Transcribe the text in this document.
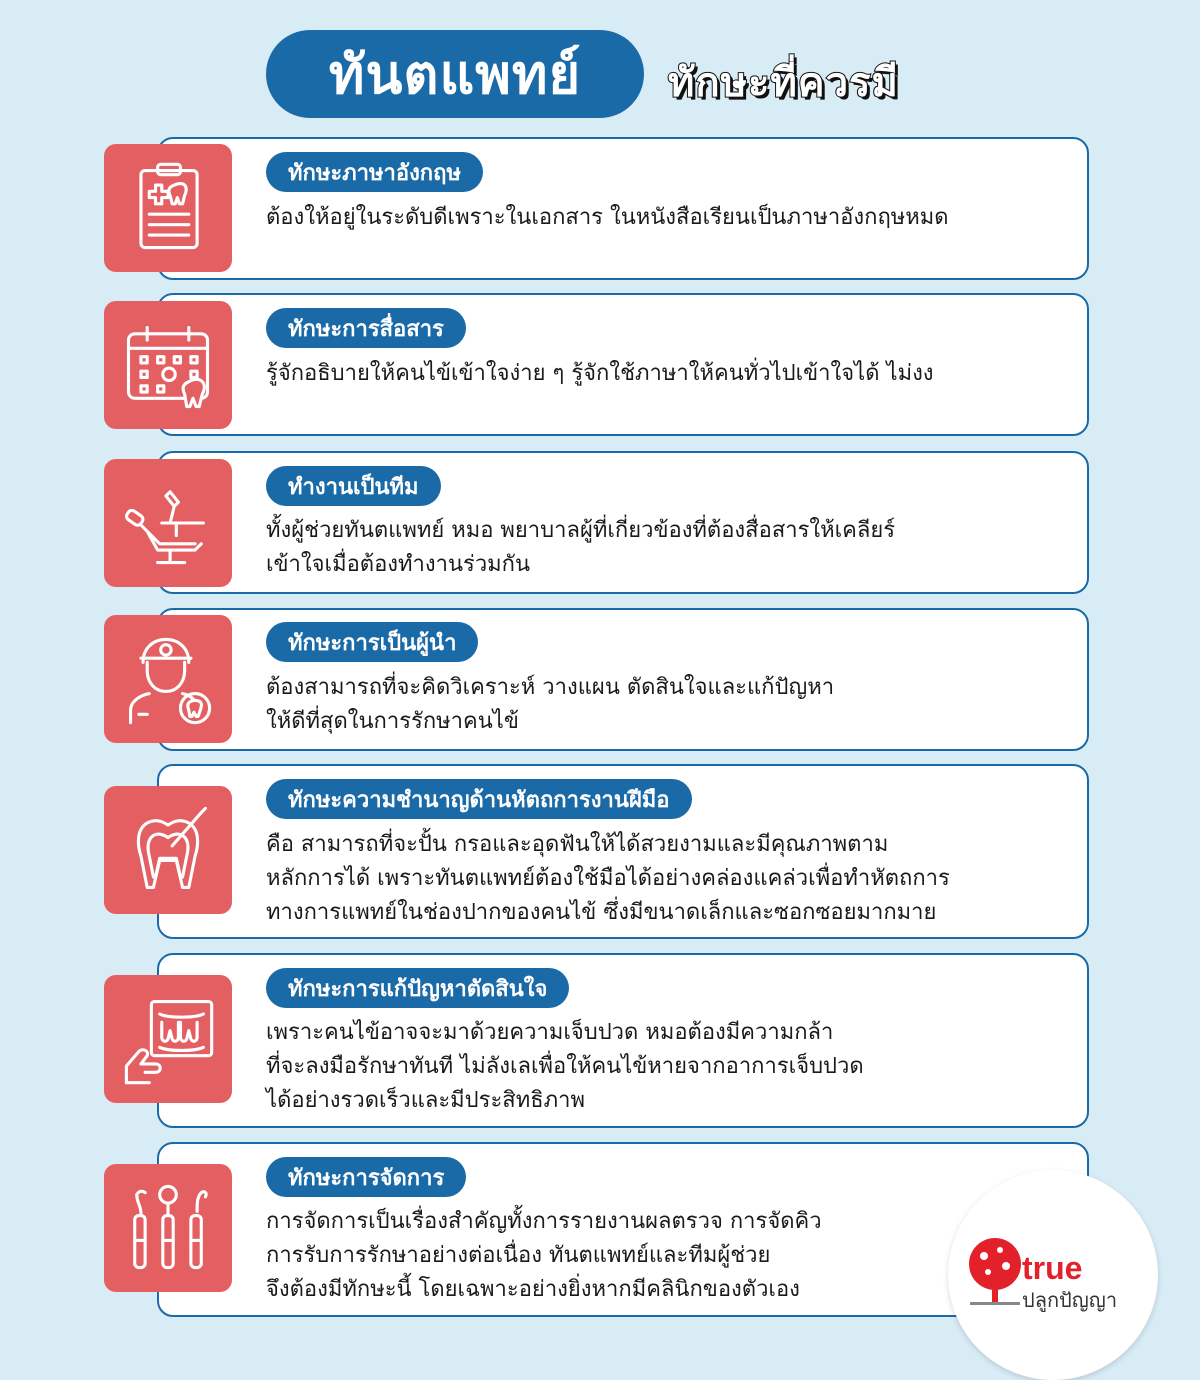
ทันตแพทย์	ทักษะที่ควรมี
ทักษะภาษาอังกฤษ
ต้องให้อยู่ในระดับดีเพราะในเอกสาร ในหนังสือเรียนเป็นภาษาอังกฤษหมด
ทักษะการสื่อสาร
รู้จักอธิบายให้คนไข้เข้าใจง่าย ๆ รู้จักใช้ภาษาให้คนทั่วไปเข้าใจได้ ไม่งง
ทำงานเป็นทีม
ทั้งผู้ช่วยทันตแพทย์ หมอ พยาบาลผู้ที่เกี่ยวข้องที่ต้องสื่อสารให้เคลียร์
เข้าใจเมื่อต้องทำงานร่วมกัน
ทักษะการเป็นผู้นำ
ต้องสามารถที่จะคิดวิเคราะห์ วางแผน ตัดสินใจและแก้ปัญหา
ให้ดีที่สุดในการรักษาคนไข้
ทักษะความชำนาญด้านหัตถการงานฝีมือ
คือ สามารถที่จะปั้น กรอและอุดฟันให้ได้สวยงามและมีคุณภาพตาม
หลักการได้ เพราะทันตแพทย์ต้องใช้มือได้อย่างคล่องแคล่วเพื่อทำหัตถการ
ทางการแพทย์ในช่องปากของคนไข้ ซึ่งมีขนาดเล็กและซอกซอยมากมาย
ทักษะการแก้ปัญหาตัดสินใจ
เพราะคนไข้อาจจะมาด้วยความเจ็บปวด หมอต้องมีความกล้า
ที่จะลงมือรักษาทันที ไม่ลังเลเพื่อให้คนไข้หายจากอาการเจ็บปวด
ได้อย่างรวดเร็วและมีประสิทธิภาพ
ทักษะการจัดการ
การจัดการเป็นเรื่องสำคัญทั้งการรายงานผลตรวจ การจัดคิว
การรับการรักษาอย่างต่อเนื่อง ทันตแพทย์และทีมผู้ช่วย
จึงต้องมีทักษะนี้ โดยเฉพาะอย่างยิ่งหากมีคลินิกของตัวเอง
true
ปลูกปัญญา
